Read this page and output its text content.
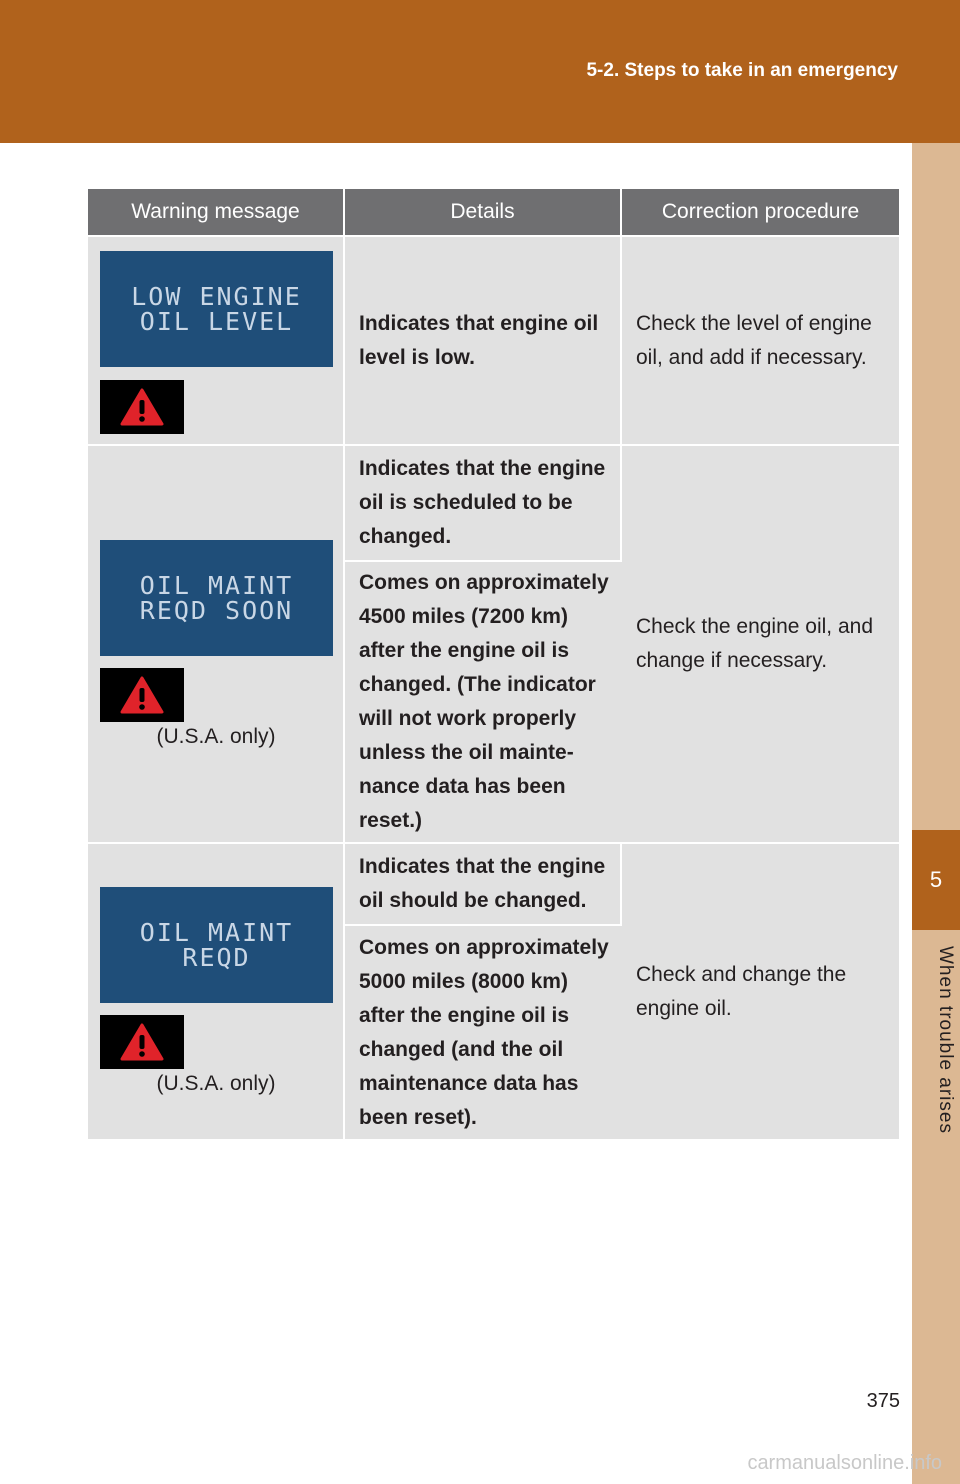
5-2. Steps to take in an emergency
5
When trouble arises
Warning message	Details	Correction procedure

LOW ENGINE
OIL LEVEL	Indicates that engine oil level is low.	Check the level of engine oil, and add if necessary.

OIL MAINT
REQD SOON
(U.S.A. only)	Indicates that the engine oil is scheduled to be changed.	Check the engine oil, and change if necessary.
	Comes on approximately 4500 miles (7200 km) after the engine oil is changed. (The indicator will not work properly unless the oil mainte-nance data has been reset.)	

OIL MAINT
REQD
(U.S.A. only)	Indicates that the engine oil should be changed.	Check and change the engine oil.
	Comes on approximately 5000 miles (8000 km) after the engine oil is changed (and the oil maintenance data has been reset).	
375
carmanualsonline.info
